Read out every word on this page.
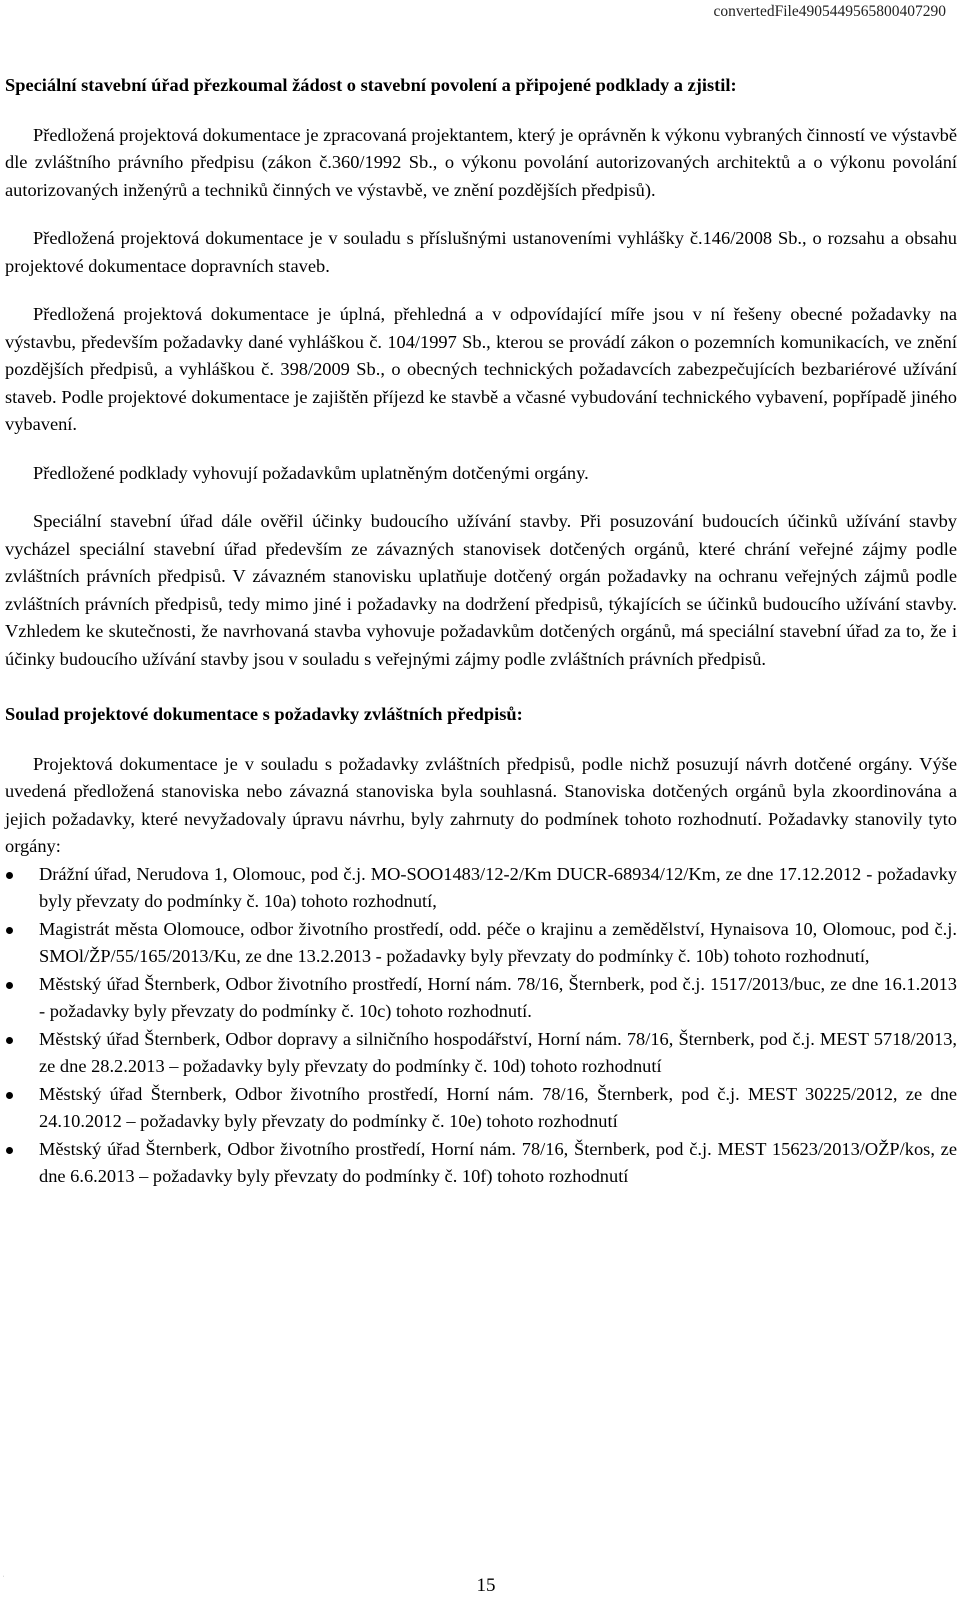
convertedFile490544956580040729​0

Speciální stavební úřad přezkoumal žádost o stavební povolení a připojené podklady a zjistil:

Předložená projektová dokumentace je zpracovaná projektantem, který je oprávněn k výkonu vybraných činností ve výstavbě dle zvláštního právního předpisu (zákon č.360/1992 Sb., o výkonu povolání autorizovaných architektů a o výkonu povolání autorizovaných inženýrů a techniků činných ve výstavbě, ve znění pozdějších předpisů).

Předložená projektová dokumentace je v souladu s příslušnými ustanoveními vyhlášky č.146/2008 Sb., o rozsahu a obsahu projektové dokumentace dopravních staveb.

Předložená projektová dokumentace je úplná, přehledná a v odpovídající míře jsou v ní řešeny obecné požadavky na výstavbu, především požadavky dané vyhláškou č. 104/1997 Sb., kterou se provádí zákon o pozemních komunikacích, ve znění pozdějších předpisů, a vyhláškou č. 398/2009 Sb., o obecných technických požadavcích zabezpečujících bezbariérové užívání staveb. Podle projektové dokumentace je zajištěn příjezd ke stavbě a včasné vybudování technického vybavení, popřípadě jiného vybavení.

Předložené podklady vyhovují požadavkům uplatněným dotčenými orgány.

Speciální stavební úřad dále ověřil účinky budoucího užívání stavby. Při posuzování budoucích účinků užívání stavby vycházel speciální stavební úřad především ze závazných stanovisek dotčených orgánů, které chrání veřejné zájmy podle zvláštních právních předpisů. V závazném stanovisku uplatňuje dotčený orgán požadavky na ochranu veřejných zájmů podle zvláštních právních předpisů, tedy mimo jiné i požadavky na dodržení předpisů, týkajících se účinků budoucího užívání stavby. Vzhledem ke skutečnosti, že navrhovaná stavba vyhovuje požadavkům dotčených orgánů, má speciální stavební úřad za to, že i účinky budoucího užívání stavby jsou v souladu s veřejnými zájmy podle zvláštních právních předpisů.

Soulad projektové dokumentace s požadavky zvláštních předpisů:

Projektová dokumentace je v souladu s požadavky zvláštních předpisů, podle nichž posuzují návrh dotčené orgány. Výše uvedená předložená stanoviska nebo závazná stanoviska byla souhlasná. Stanoviska dotčených orgánů byla zkoordinována a jejich požadavky, které nevyžadovaly úpravu návrhu, byly zahrnuty do podmínek tohoto rozhodnutí. Požadavky stanovily tyto orgány:

Drážní úřad, Nerudova 1, Olomouc, pod č.j. MO-SOO1483/12-2/Km DUCR-68934/12/Km, ze dne 17.12.2012 - požadavky byly převzaty do podmínky č. 10a) tohoto rozhodnutí,
Magistrát města Olomouce, odbor životního prostředí, odd. péče o krajinu a zemědělství, Hynaisova 10, Olomouc, pod č.j. SMOl/ŽP/55/165/2013/Ku, ze dne 13.2.2013 - požadavky byly převzaty do podmínky č. 10b) tohoto rozhodnutí,
Městský úřad Šternberk, Odbor životního prostředí, Horní nám. 78/16, Šternberk, pod č.j. 1517/2013/buc, ze dne 16.1.2013 - požadavky byly převzaty do podmínky č. 10c) tohoto rozhodnutí.
Městský úřad Šternberk, Odbor dopravy a silničního hospodářství, Horní nám. 78/16, Šternberk, pod č.j. MEST 5718/2013, ze dne 28.2.2013 – požadavky byly převzaty do podmínky č. 10d) tohoto rozhodnutí
Městský úřad Šternberk, Odbor životního prostředí, Horní nám. 78/16, Šternberk, pod č.j. MEST 30225/2012, ze dne 24.10.2012 – požadavky byly převzaty do podmínky č. 10e) tohoto rozhodnutí
Městský úřad Šternberk, Odbor životního prostředí, Horní nám. 78/16, Šternberk, pod č.j. MEST 15623/2013/OŽP/kos, ze dne 6.6.2013 – požadavky byly převzaty do podmínky č. 10f) tohoto rozhodnutí
•	15
